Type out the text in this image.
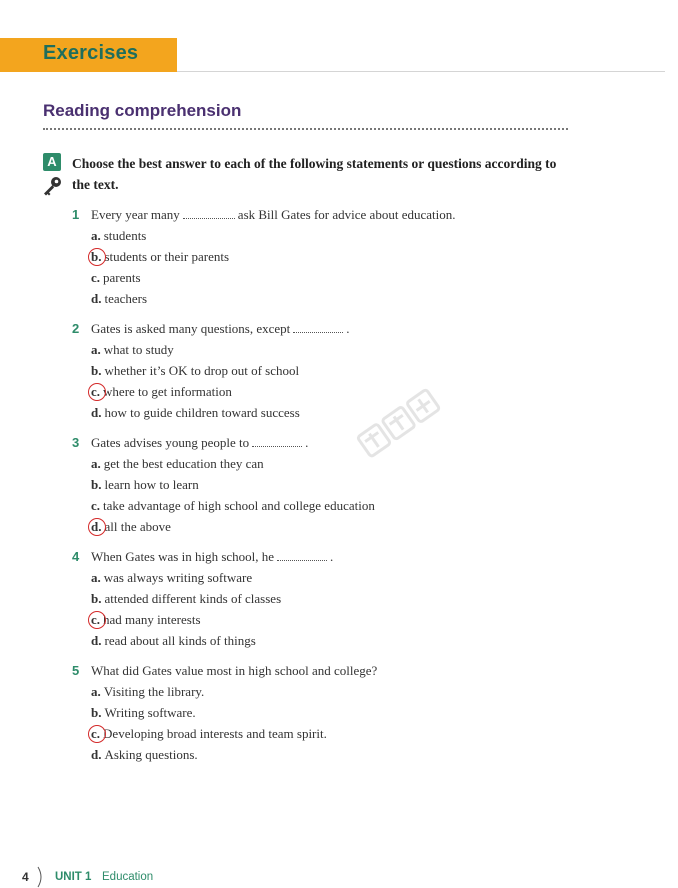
Exercises
Reading comprehension
A	Choose the best answer to each of the following statements or questions according to the text.
1 Every year many	ask Bill Gates for advice about education.
a. students
b. students or their parents
c. parents
d. teachers
2 Gates is asked many questions, except	.
a. what to study
b. whether it’s OK to drop out of school
c. where to get information
d. how to guide children toward success
3 Gates advises young people to	.
a. get the best education they can
b. learn how to learn
c. take advantage of high school and college education
d. all the above
4 When Gates was in high school, he	.
a. was always writing software
b. attended different kinds of classes
c. had many interests
d. read about all kinds of things
5 What did Gates value most in high school and college?
a. Visiting the library.
b. Writing software.
c. Developing broad interests and team spirit.
d. Asking questions.
4 UNIT 1 Education
